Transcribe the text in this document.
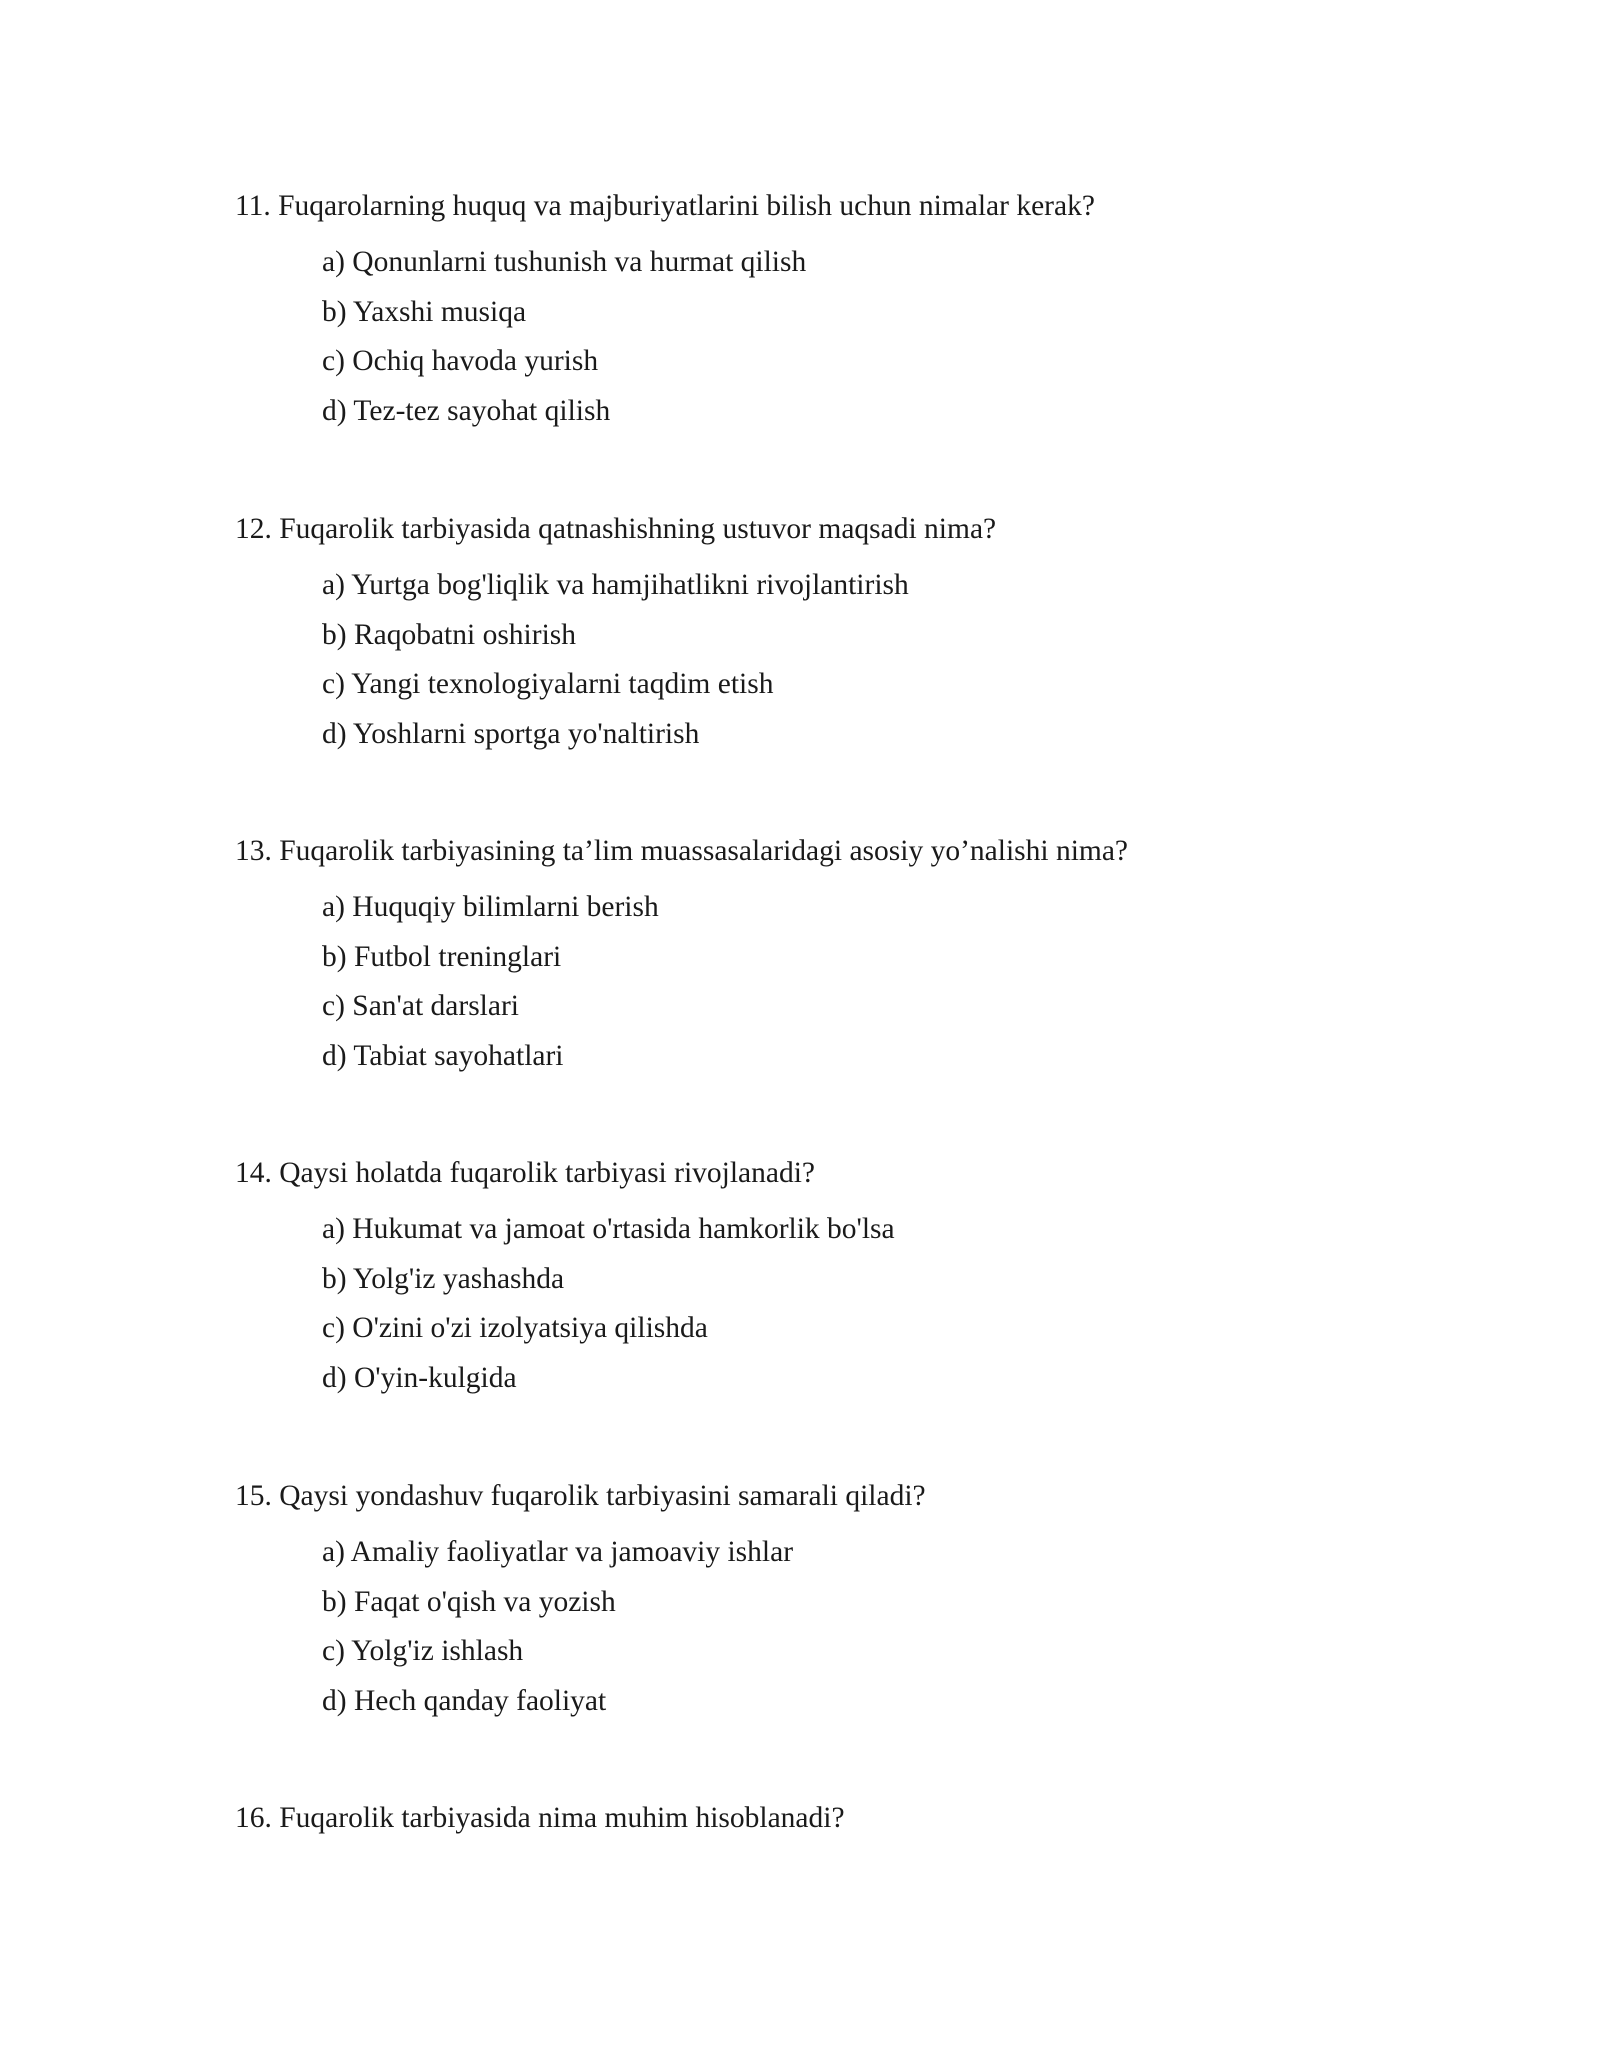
11. Fuqarolarning huquq va majburiyatlarini bilish uchun nimalar kerak?

a) Qonunlarni tushunish va hurmat qilish
b) Yaxshi musiqa
c) Ochiq havoda yurish
d) Tez-tez sayohat qilish

12. Fuqarolik tarbiyasida qatnashishning ustuvor maqsadi nima?

a) Yurtga bog'liqlik va hamjihatlikni rivojlantirish
b) Raqobatni oshirish
c) Yangi texnologiyalarni taqdim etish
d) Yoshlarni sportga yo'naltirish

13. Fuqarolik tarbiyasining ta’lim muassasalaridagi asosiy yo’nalishi nima?

a) Huquqiy bilimlarni berish
b) Futbol treninglari
c) San'at darslari
d) Tabiat sayohatlari

14. Qaysi holatda fuqarolik tarbiyasi rivojlanadi?

a) Hukumat va jamoat o'rtasida hamkorlik bo'lsa
b) Yolg'iz yashashda
c) O'zini o'zi izolyatsiya qilishda
d) O'yin-kulgida

15. Qaysi yondashuv fuqarolik tarbiyasini samarali qiladi?

a) Amaliy faoliyatlar va jamoaviy ishlar
b) Faqat o'qish va yozish
c) Yolg'iz ishlash
d) Hech qanday faoliyat

16. Fuqarolik tarbiyasida nima muhim hisoblanadi?
